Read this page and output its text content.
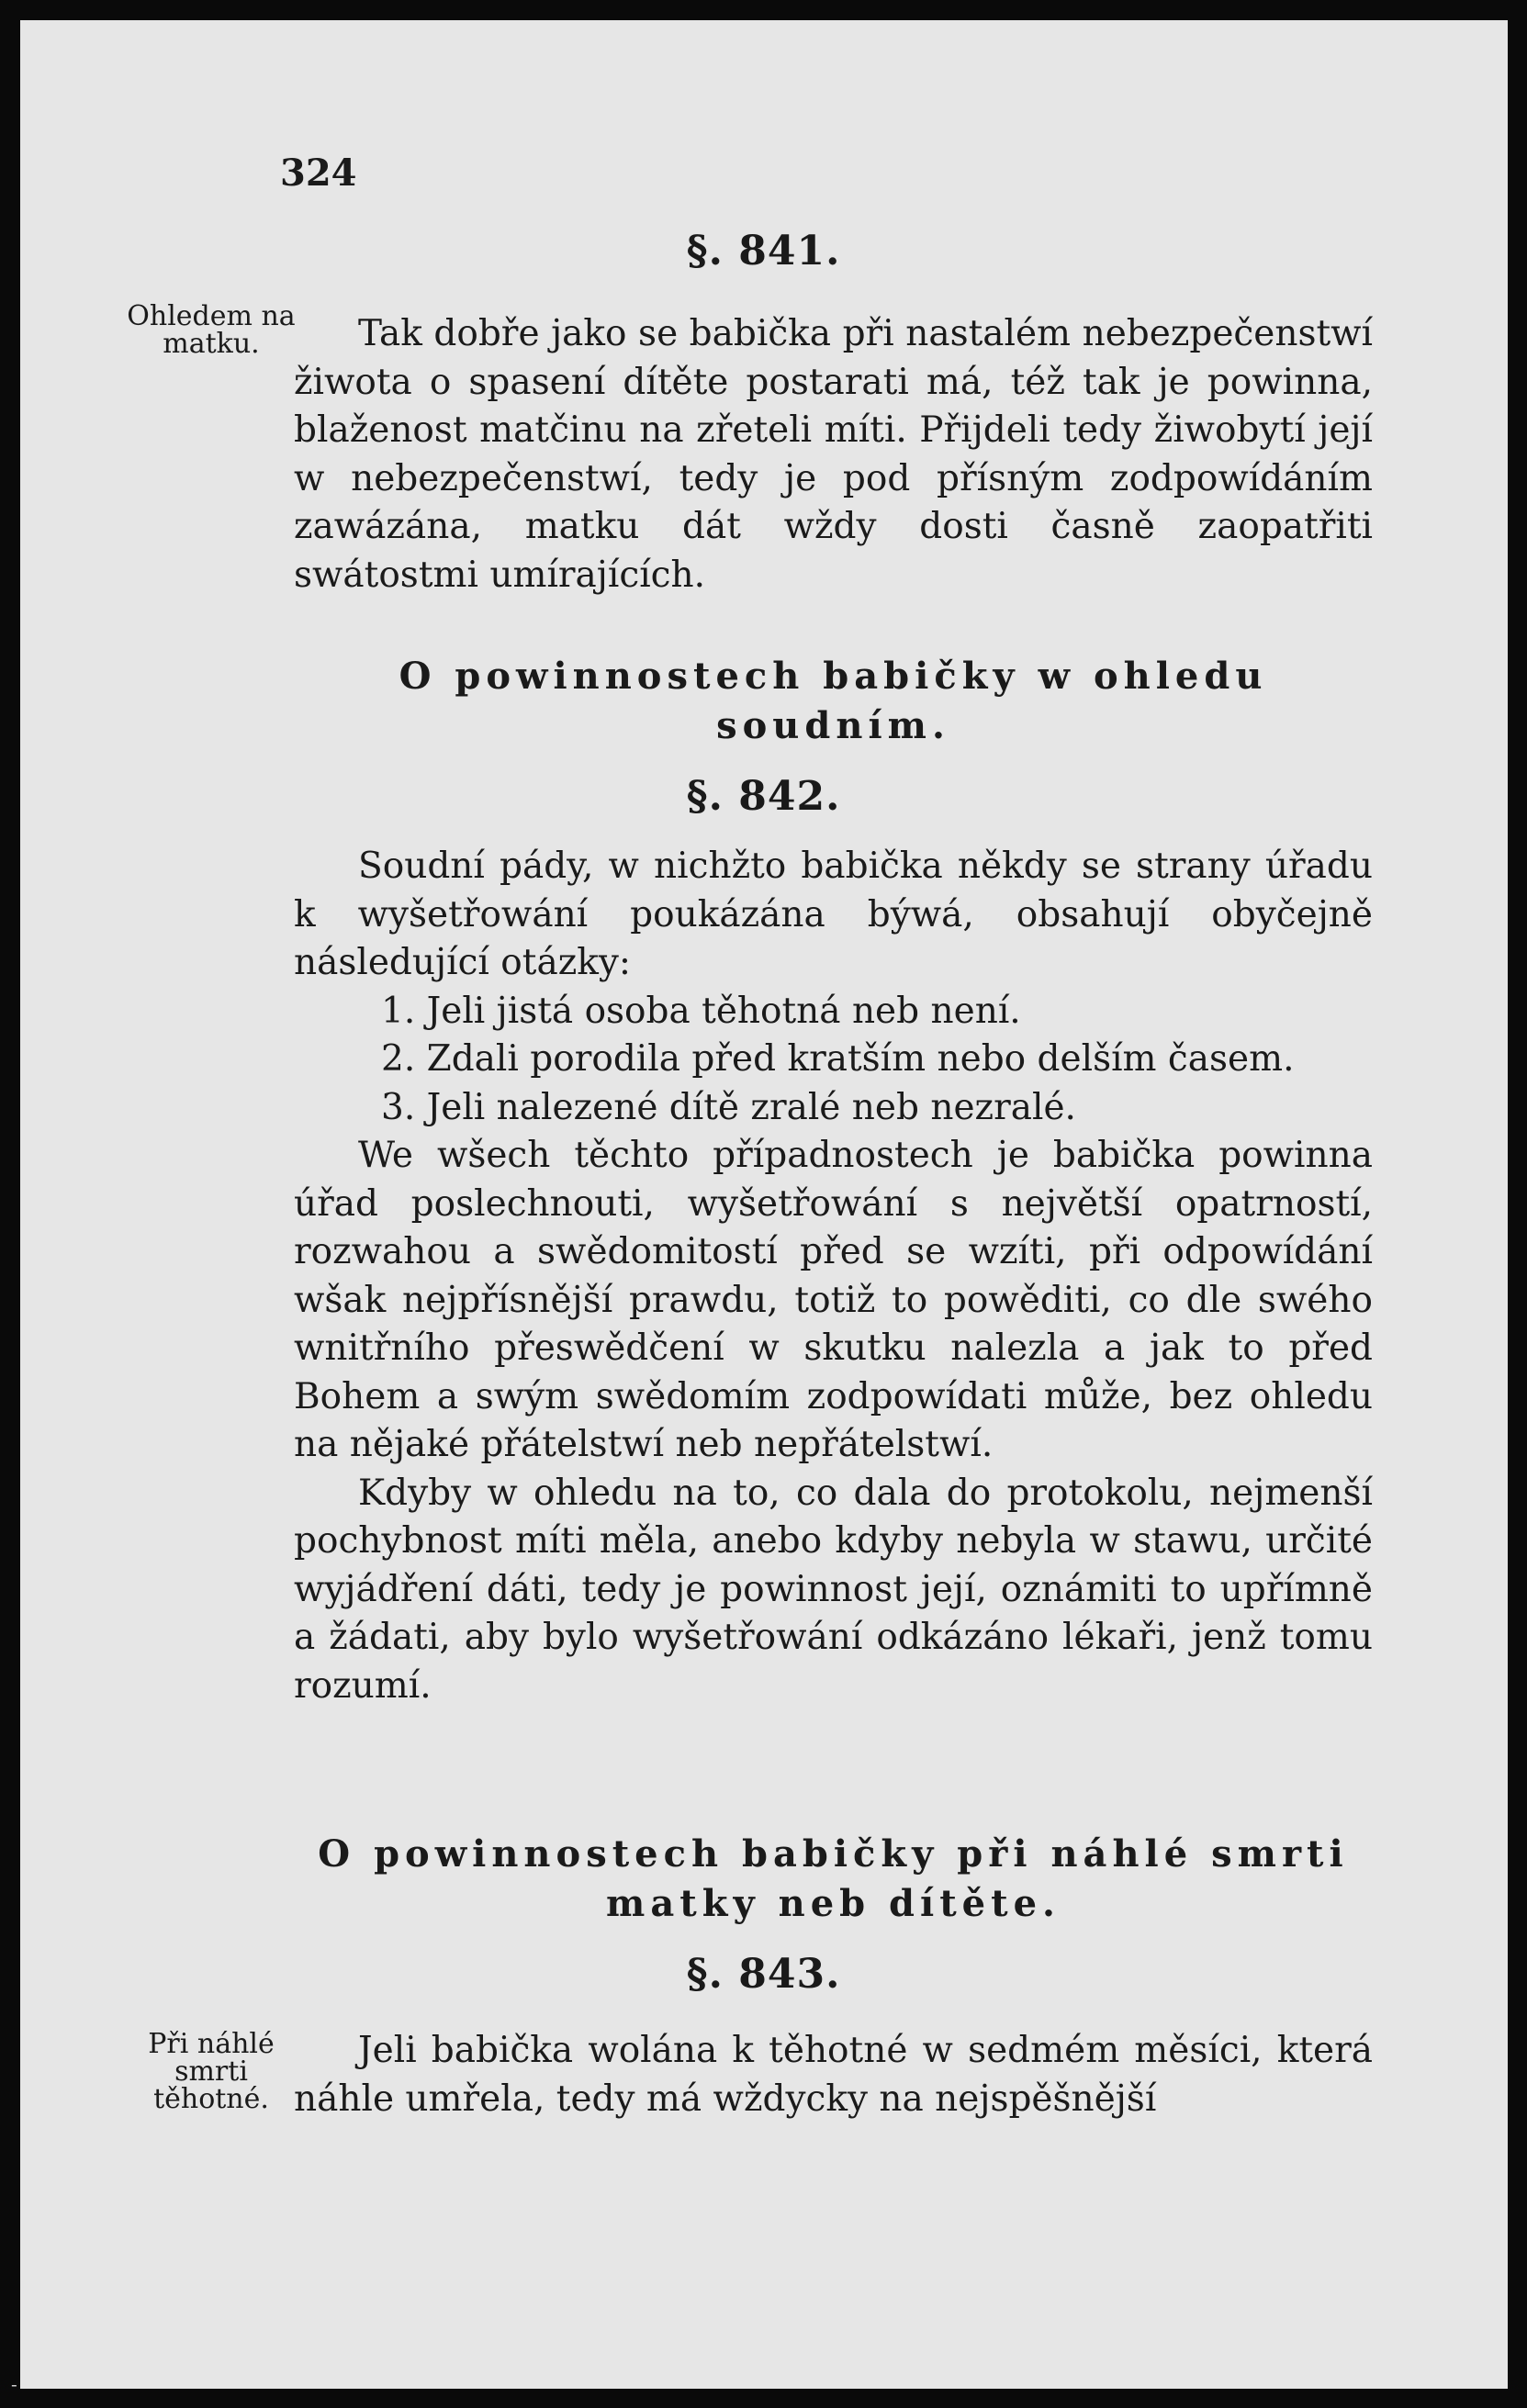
324
§. 841.
Ohledem na matku.	Tak dobře jako se babička při nastalém nebezpečenstwí žiwota o spasení dítěte postarati má, též tak je powinna, blaženost matčinu na zřeteli míti. Přijdeli tedy žiwobytí její w nebezpečenstwí, tedy je pod přísným zodpowídáním zawázána, matku dát wždy dosti časně zaopatřiti swátostmi umírajících.

O powinnostech babičky w ohledu soudním.
§. 842.

Soudní pády, w nichžto babička někdy se strany úřadu k wyšetřowání poukázána býwá, obsahují obyčejně následující otázky:

1. Jeli jistá osoba těhotná neb není.

2. Zdali porodila před kratším nebo delším časem.

3. Jeli nalezené dítě zralé neb nezralé.

We wšech těchto případnostech je babička powinna úřad poslechnouti, wyšetřowání s největší opatrností, rozwahou a swědomitostí před se wzíti, při odpowídání wšak nejpřísnější prawdu, totiž to powěditi, co dle swého wnitřního přeswědčení w skutku nalezla a jak to před Bohem a swým swědomím zodpowídati může, bez ohledu na nějaké přátelstwí neb nepřátelstwí.

Kdyby w ohledu na to, co dala do protokolu, nejmenší pochybnost míti měla, anebo kdyby nebyla w stawu, určité wyjádření dáti, tedy je powinnost její, oznámiti to upřímně a žádati, aby bylo wyšetřowání odkázáno lékaři, jenž tomu rozumí.

O powinnostech babičky při náhlé smrti matky neb dítěte.
§. 843.
Při náhlé smrti těhotné.

Jeli babička wolána k těhotné w sedmém měsíci, která náhle umřela, tedy má wždycky na nejspěšnější

-
